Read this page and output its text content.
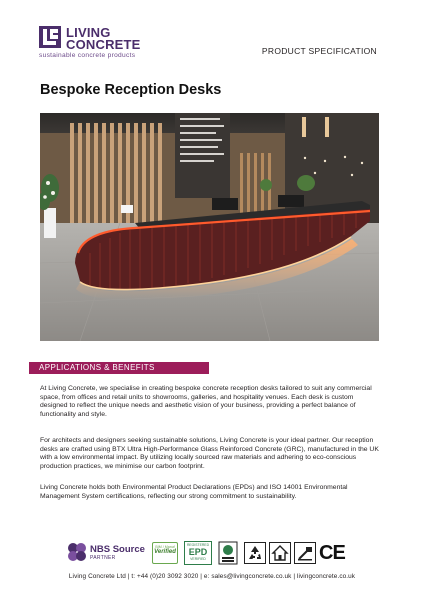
LIVING
CONCRETE
sustainable concrete products	PRODUCT SPECIFICATION
Bespoke Reception Desks
APPLICATIONS & BENEFITS

At Living Concrete, we specialise in creating bespoke concrete reception desks tailored to suit any commercial space, from offices and retail units to showrooms, galleries, and hospitality venues. Each desk is custom designed to reflect the unique needs and aesthetic vision of your business, providing a perfect balance of functionality and style.

For architects and designers seeking sustainable solutions, Living Concrete is your ideal partner. Our reception desks are crafted using BTX Ultra High-Performance Glass Reinforced Concrete (GRC), manufactured in the UK with a low environmental impact. By utilizing locally sourced raw materials and adhering to eco-conscious production practices, we minimise our carbon footprint.

Living Concrete holds both Environmental Product Declarations (EPDs) and ISO 14001 Environmental Management System certifications, reflecting our strong commitment to sustainability.

NBS Source
PARTNER
BIM / Manuf
Verified
REGISTERED
EPD
VERIFIED	CE
Living Concrete Ltd | t: +44 (0)20 3092 3020 | e: sales@livingconcrete.co.uk | livingconcrete.co.uk
